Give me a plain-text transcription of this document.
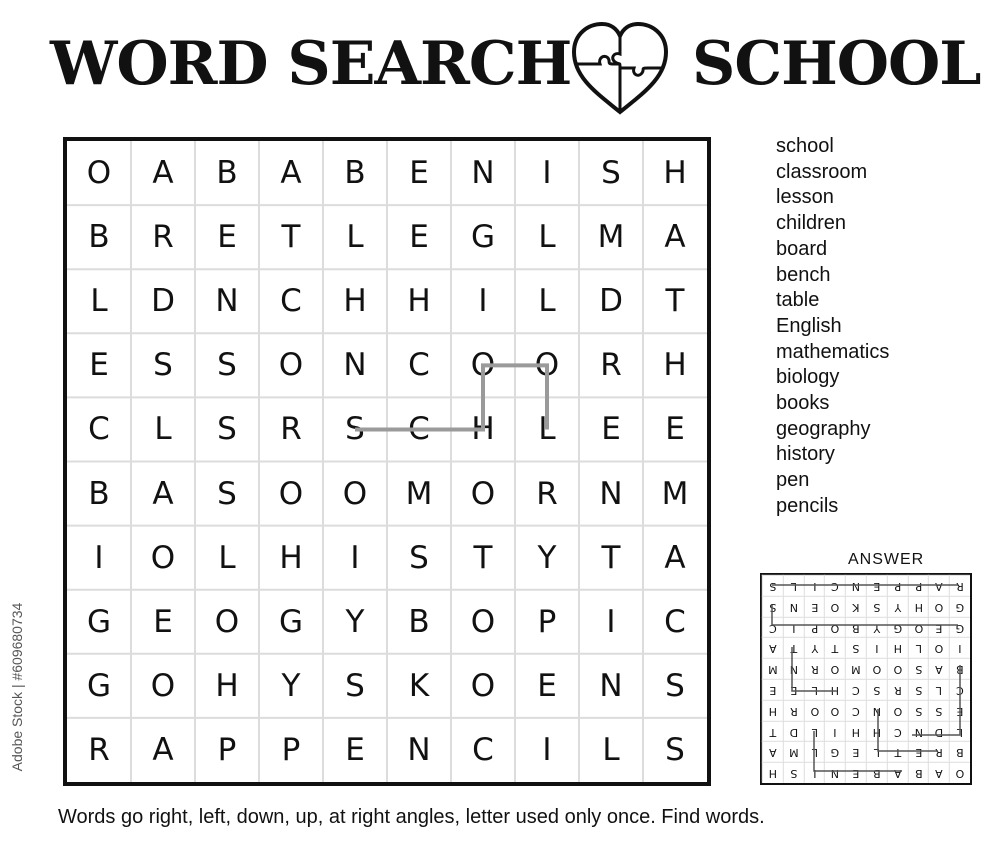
WORD SEARCH SCHOOL
O	A	B	A	B	E	N	I	S	H
B	R	E	T	L	E	G	L	M	A
L	D	N	C	H	H	I	L	D	T
E	S	S	O	N	C	O	O	R	H
C	L	S	R	S	C	H	L	E	E
B	A	S	O	O	M	O	R	N	M
I	O	L	H	I	S	T	Y	T	A
G	E	O	G	Y	B	O	P	I	C
G	O	H	Y	S	K	O	E	N	S
R	A	P	P	E	N	C	I	L	S
school
classroom
lesson
children
board
bench
table
English
mathematics
biology
books
geography
history
pen
pencils
ANSWER
S	L	I	C	N	E	P	P	A	R
S	N	E	O	K	S	Y	H	O	G
C	I	P	O	B	Y	G	O	E	G
A	T	Y	T	S	I	H	L	O	I
M	N	R	O	M	O	O	S	A	B
E	E	L	H	C	S	R	S	L	C
H	R	O	O	C	N	O	S	S	E
T	D	L	I	H	H	C	N	D	L
A	M	L	G	E	L	T	E	R	B
H	S	I	N	E	B	A	B	A	O
Words go right, left, down, up, at right angles, letter used only once. Find words.
Adobe Stock | #609680734
